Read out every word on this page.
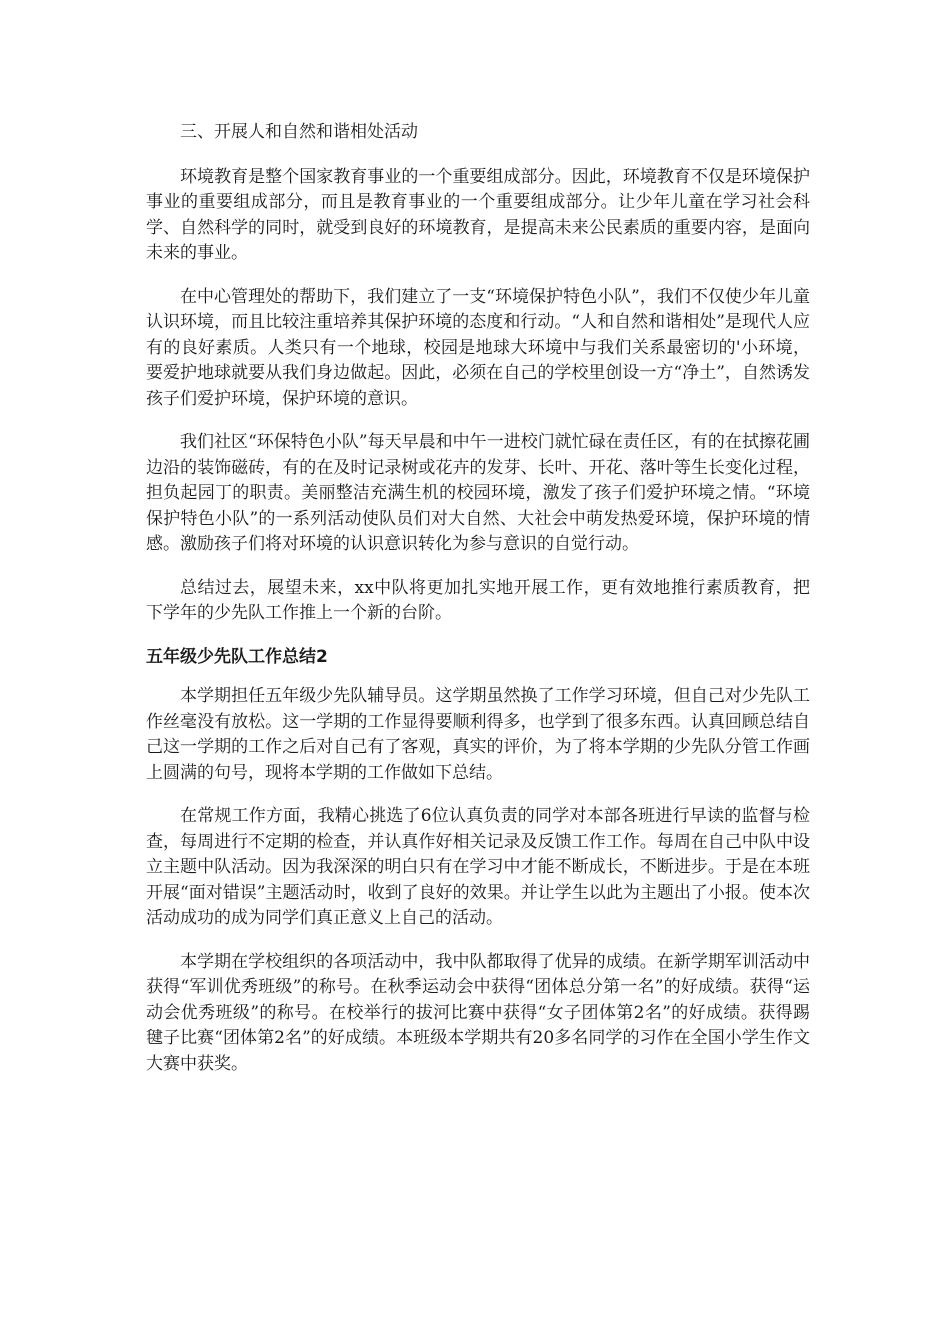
三、开展人和自然和谐相处活动

环境教育是整个国家教育事业的一个重要组成部分。因此，环境教育不仅是环境保护事业的重要组成部分，而且是教育事业的一个重要组成部分。让少年儿童在学习社会科学、自然科学的同时，就受到良好的环境教育，是提高未来公民素质的重要内容，是面向未来的事业。

在中心管理处的帮助下，我们建立了一支“环境保护特色小队”，我们不仅使少年儿童认识环境，而且比较注重培养其保护环境的态度和行动。“人和自然和谐相处”是现代人应有的良好素质。人类只有一个地球，校园是地球大环境中与我们关系最密切的'小环境，要爱护地球就要从我们身边做起。因此，必须在自己的学校里创设一方“净土”，自然诱发孩子们爱护环境，保护环境的意识。

我们社区“环保特色小队”每天早晨和中午一进校门就忙碌在责任区，有的在拭擦花圃边沿的装饰磁砖，有的在及时记录树或花卉的发芽、长叶、开花、落叶等生长变化过程，担负起园丁的职责。美丽整洁充满生机的校园环境，激发了孩子们爱护环境之情。“环境保护特色小队”的一系列活动使队员们对大自然、大社会中萌发热爱环境，保护环境的情感。激励孩子们将对环境的认识意识转化为参与意识的自觉行动。

总结过去，展望未来，xx中队将更加扎实地开展工作，更有效地推行素质教育，把下学年的少先队工作推上一个新的台阶。

五年级少先队工作总结2

本学期担任五年级少先队辅导员。这学期虽然换了工作学习环境，但自己对少先队工作丝毫没有放松。这一学期的工作显得要顺利得多，也学到了很多东西。认真回顾总结自己这一学期的工作之后对自己有了客观，真实的评价，为了将本学期的少先队分管工作画上圆满的句号，现将本学期的工作做如下总结。

在常规工作方面，我精心挑选了6位认真负责的同学对本部各班进行早读的监督与检查，每周进行不定期的检查，并认真作好相关记录及反馈工作工作。每周在自己中队中设立主题中队活动。因为我深深的明白只有在学习中才能不断成长，不断进步。于是在本班开展“面对错误”主题活动时，收到了良好的效果。并让学生以此为主题出了小报。使本次活动成功的成为同学们真正意义上自己的活动。

本学期在学校组织的各项活动中，我中队都取得了优异的成绩。在新学期军训活动中获得“军训优秀班级”的称号。在秋季运动会中获得“团体总分第一名”的好成绩。获得“运动会优秀班级”的称号。在校举行的拔河比赛中获得“女子团体第2名”的好成绩。获得踢毽子比赛“团体第2名”的好成绩。本班级本学期共有20多名同学的习作在全国小学生作文大赛中获奖。
